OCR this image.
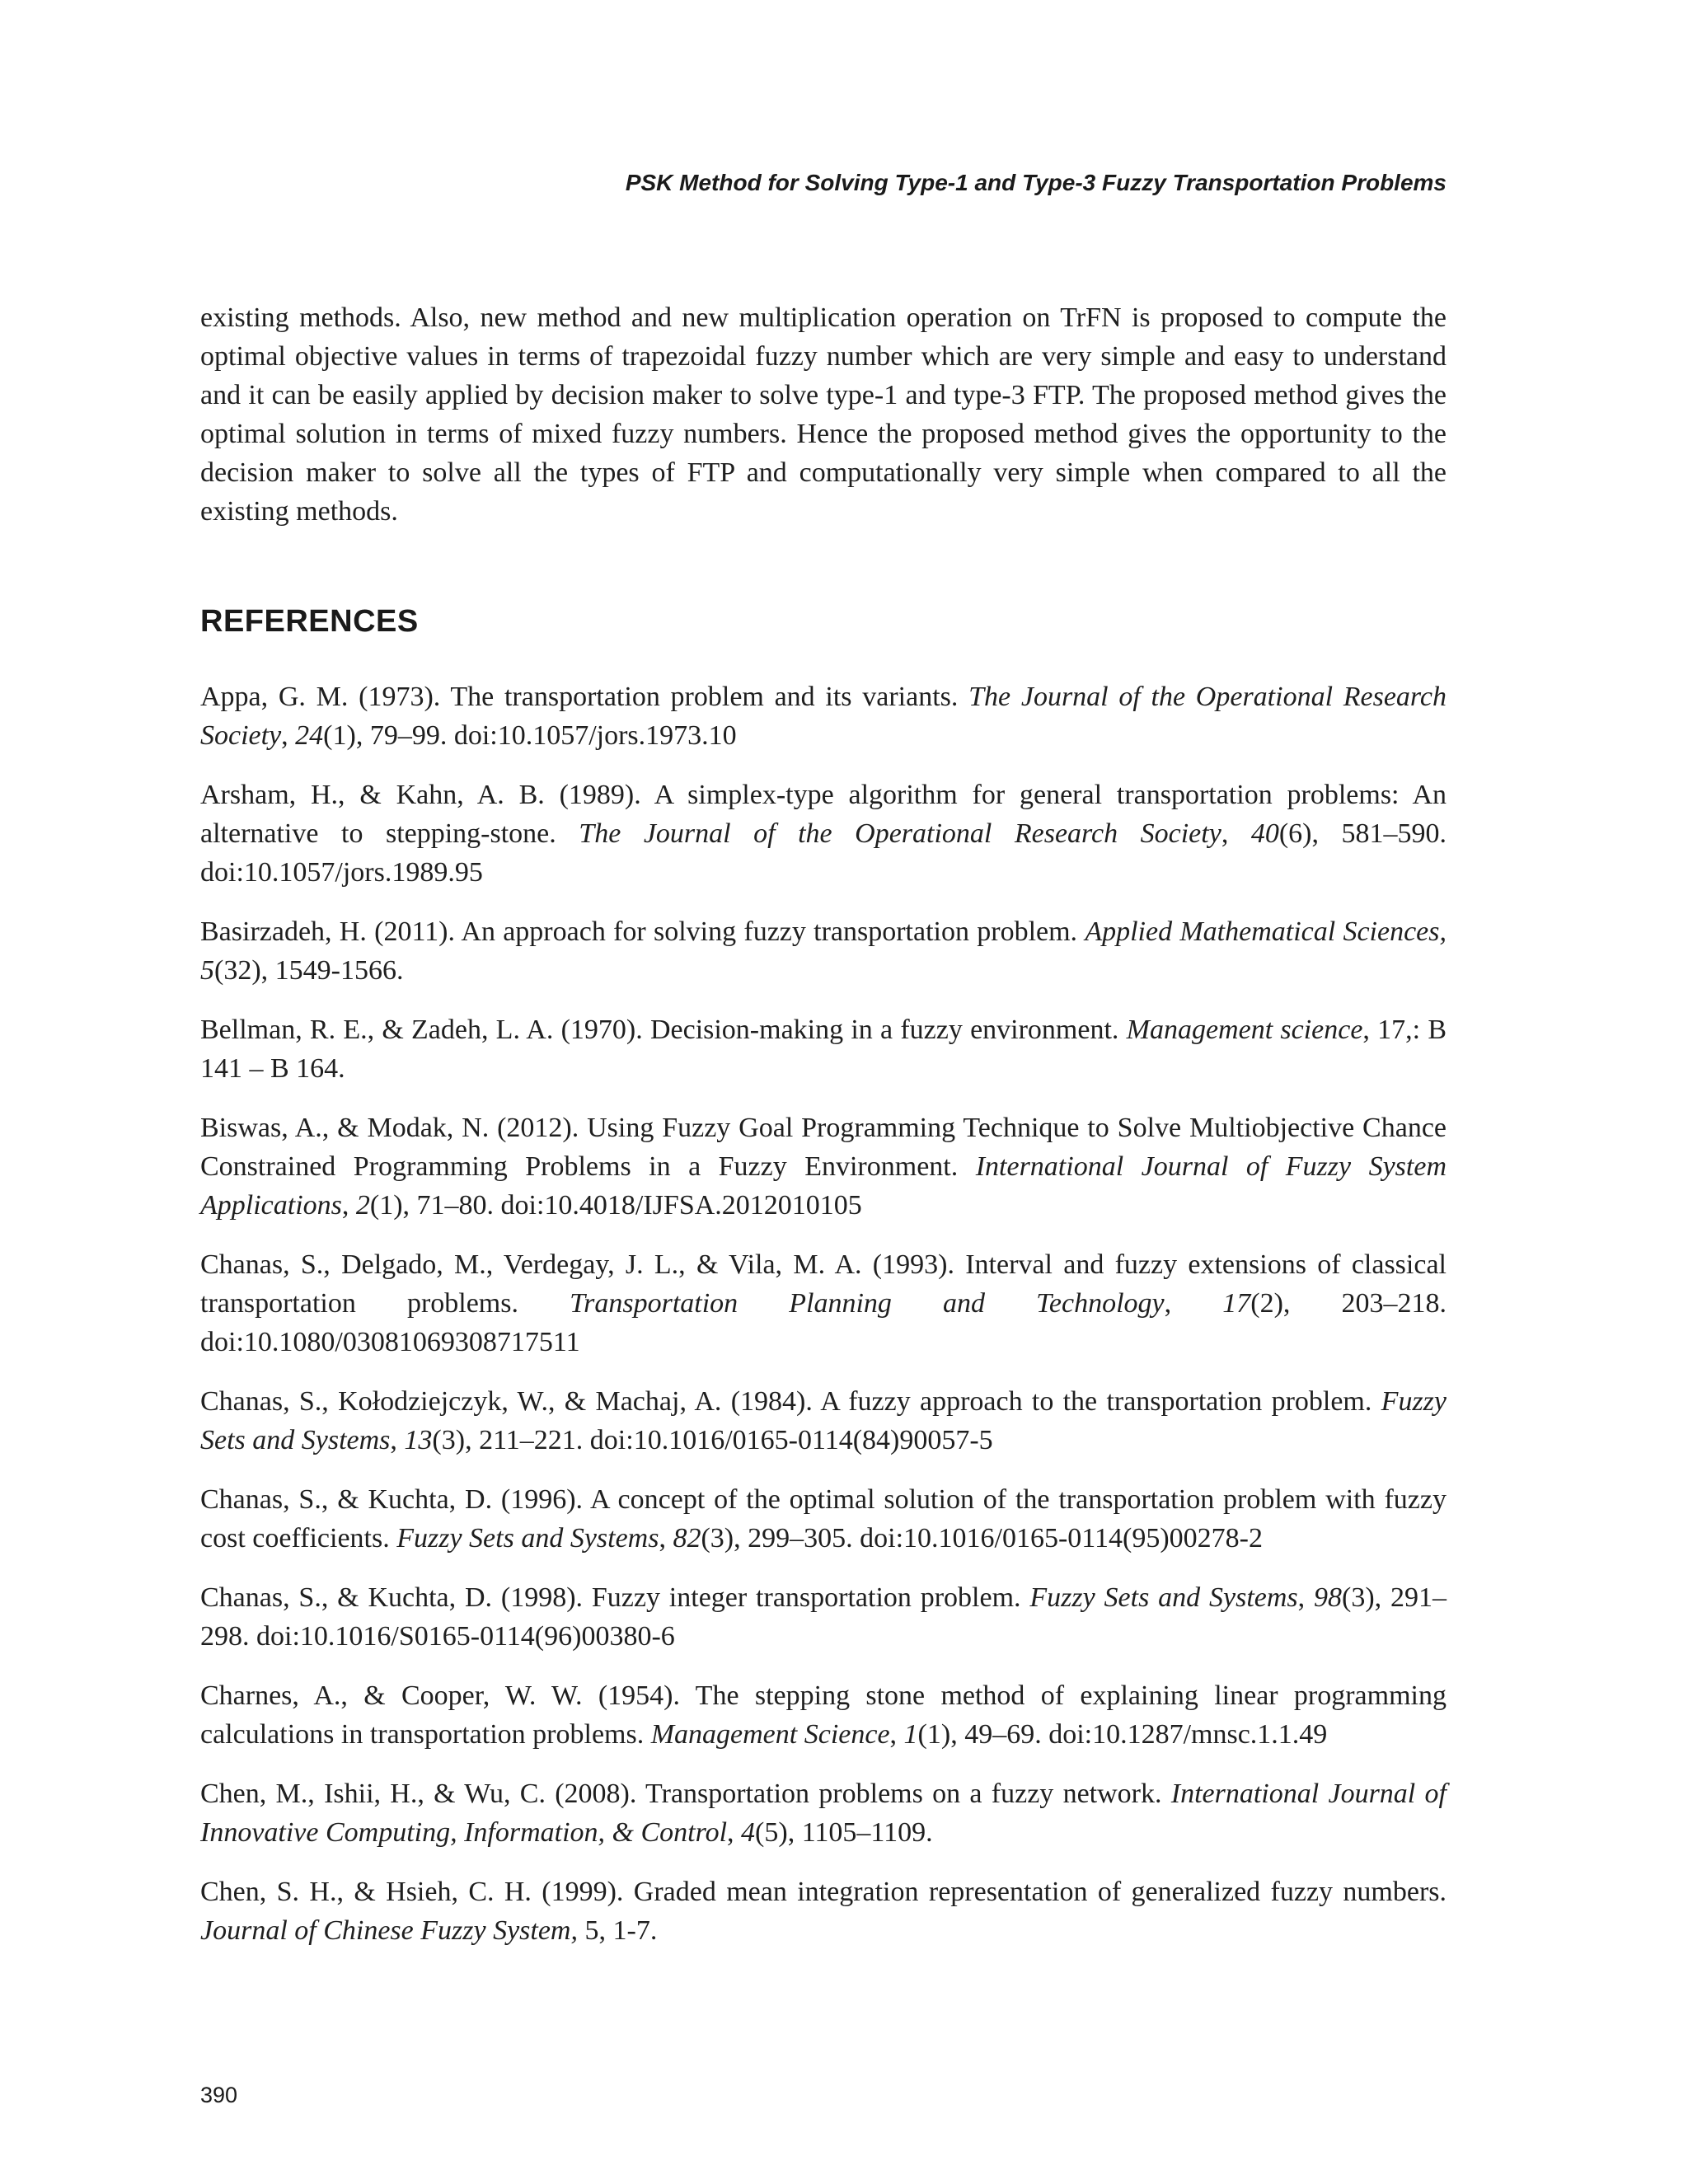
PSK Method for Solving Type-1 and Type-3 Fuzzy Transportation Problems

existing methods. Also, new method and new multiplication operation on TrFN is proposed to compute the optimal objective values in terms of trapezoidal fuzzy number which are very simple and easy to understand and it can be easily applied by decision maker to solve type-1 and type-3 FTP. The proposed method gives the optimal solution in terms of mixed fuzzy numbers. Hence the proposed method gives the opportunity to the decision maker to solve all the types of FTP and computationally very simple when compared to all the existing methods.

REFERENCES
Appa, G. M. (1973). The transportation problem and its variants. The Journal of the Operational Research Society, 24(1), 79–99. doi:10.1057/jors.1973.10
Arsham, H., & Kahn, A. B. (1989). A simplex-type algorithm for general transportation problems: An alternative to stepping-stone. The Journal of the Operational Research Society, 40(6), 581–590. doi:10.1057/jors.1989.95
Basirzadeh, H. (2011). An approach for solving fuzzy transportation problem. Applied Mathematical Sciences, 5(32), 1549-1566.
Bellman, R. E., & Zadeh, L. A. (1970). Decision-making in a fuzzy environment. Management science, 17,: B 141 – B 164.
Biswas, A., & Modak, N. (2012). Using Fuzzy Goal Programming Technique to Solve Multiobjective Chance Constrained Programming Problems in a Fuzzy Environment. International Journal of Fuzzy System Applications, 2(1), 71–80. doi:10.4018/IJFSA.2012010105
Chanas, S., Delgado, M., Verdegay, J. L., & Vila, M. A. (1993). Interval and fuzzy extensions of classical transportation problems. Transportation Planning and Technology, 17(2), 203–218. doi:10.1080/03081069308717511
Chanas, S., Kołodziejczyk, W., & Machaj, A. (1984). A fuzzy approach to the transportation problem. Fuzzy Sets and Systems, 13(3), 211–221. doi:10.1016/0165-0114(84)90057-5
Chanas, S., & Kuchta, D. (1996). A concept of the optimal solution of the transportation problem with fuzzy cost coefficients. Fuzzy Sets and Systems, 82(3), 299–305. doi:10.1016/0165-0114(95)00278-2
Chanas, S., & Kuchta, D. (1998). Fuzzy integer transportation problem. Fuzzy Sets and Systems, 98(3), 291–298. doi:10.1016/S0165-0114(96)00380-6
Charnes, A., & Cooper, W. W. (1954). The stepping stone method of explaining linear programming calculations in transportation problems. Management Science, 1(1), 49–69. doi:10.1287/mnsc.1.1.49
Chen, M., Ishii, H., & Wu, C. (2008). Transportation problems on a fuzzy network. International Journal of Innovative Computing, Information, & Control, 4(5), 1105–1109.
Chen, S. H., & Hsieh, C. H. (1999). Graded mean integration representation of generalized fuzzy numbers. Journal of Chinese Fuzzy System, 5, 1-7.
390
